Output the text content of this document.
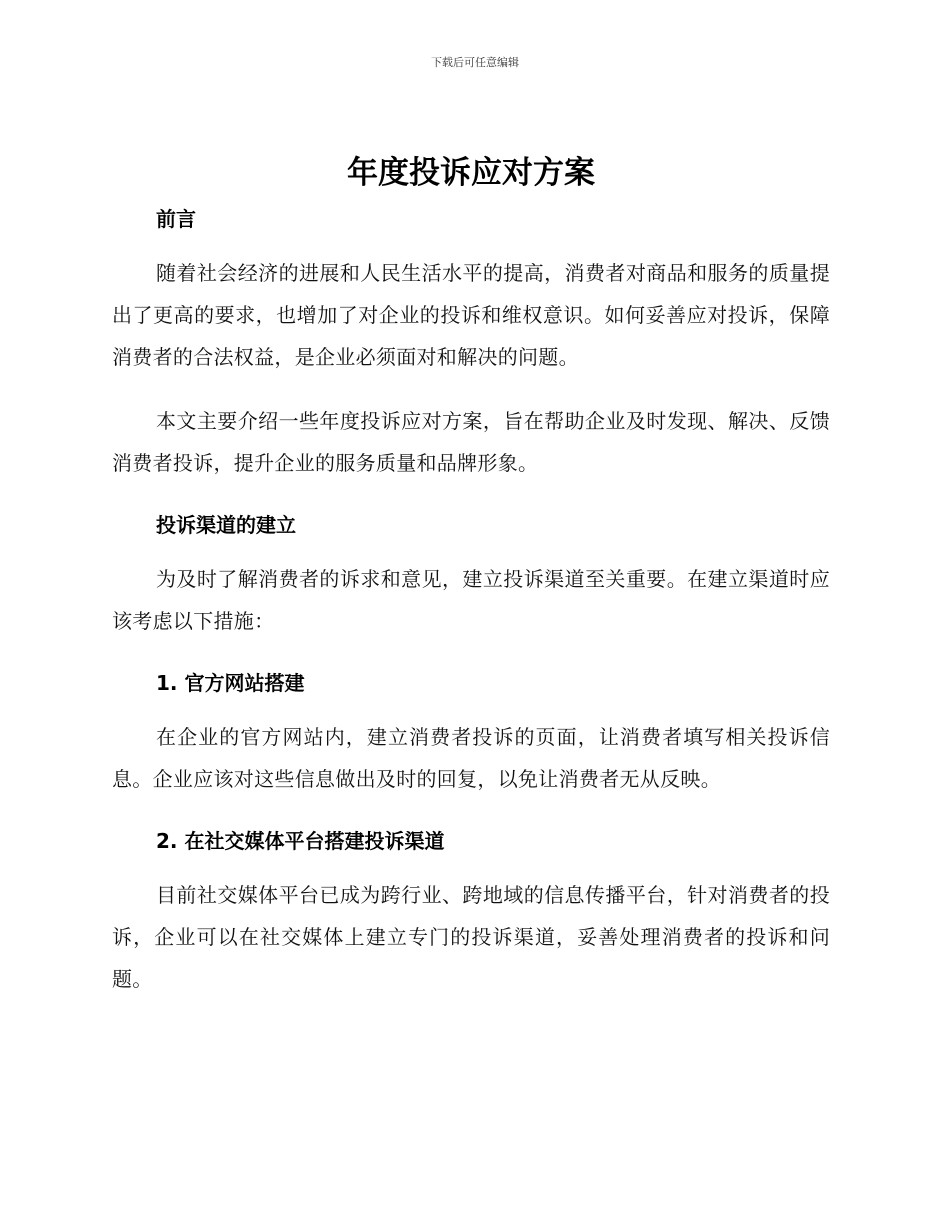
下载后可任意编辑
年度投诉应对方案

前言

随着社会经济的进展和人民生活水平的提高，消费者对商品和服务的质量提出了更高的要求，也增加了对企业的投诉和维权意识。如何妥善应对投诉，保障消费者的合法权益，是企业必须面对和解决的问题。

本文主要介绍一些年度投诉应对方案，旨在帮助企业及时发现、解决、反馈消费者投诉，提升企业的服务质量和品牌形象。

投诉渠道的建立

为及时了解消费者的诉求和意见，建立投诉渠道至关重要。在建立渠道时应该考虑以下措施：

1. 官方网站搭建

在企业的官方网站内，建立消费者投诉的页面，让消费者填写相关投诉信息。企业应该对这些信息做出及时的回复，以免让消费者无从反映。

2. 在社交媒体平台搭建投诉渠道

目前社交媒体平台已成为跨行业、跨地域的信息传播平台，针对消费者的投诉，企业可以在社交媒体上建立专门的投诉渠道，妥善处理消费者的投诉和问题。
